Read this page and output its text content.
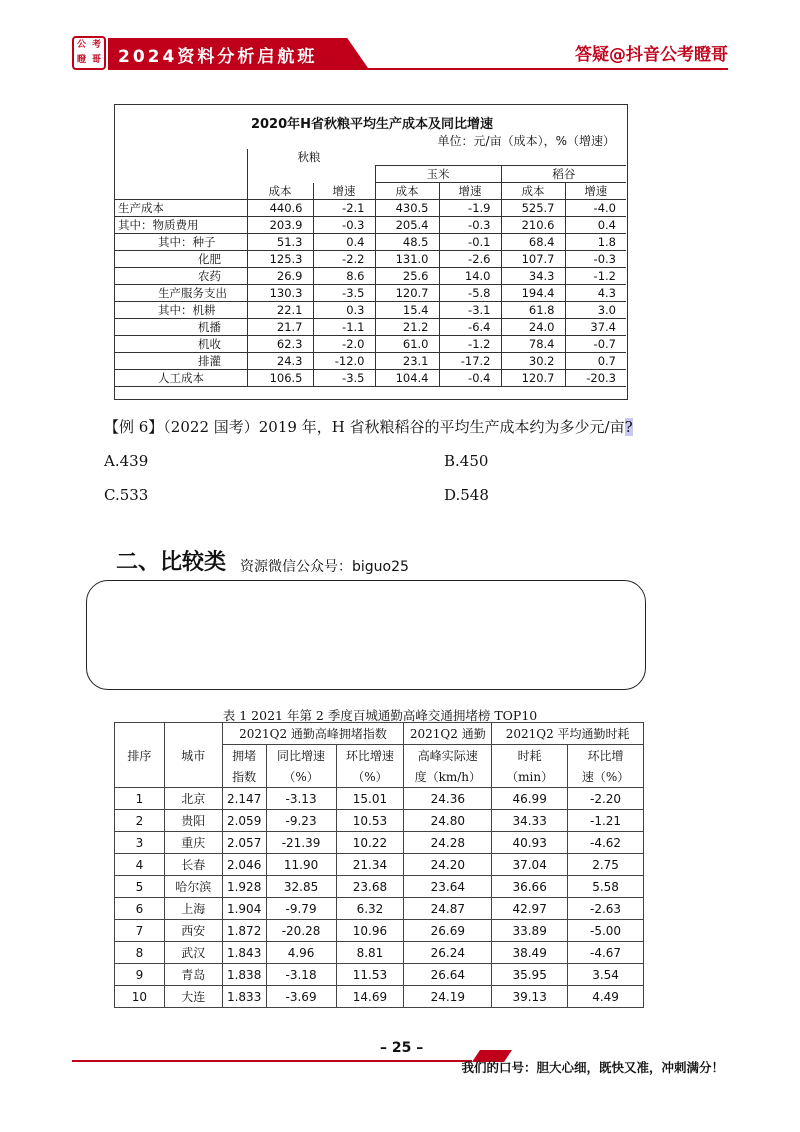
公 考
瞪 哥 2024资料分析启航班	答疑@抖音公考瞪哥
2020年H省秋粮平均生产成本及同比增速
单位：元/亩（成本），%（增速）
	秋粮					
			玉米		稻谷	
	成本	增速	成本	增速	成本	增速
生产成本	440.6	-2.1	430.5	-1.9	525.7	-4.0
其中：物质费用	203.9	-0.3	205.4	-0.3	210.6	0.4
其中：种子	51.3	0.4	48.5	-0.1	68.4	1.8
化肥	125.3	-2.2	131.0	-2.6	107.7	-0.3
农药	26.9	8.6	25.6	14.0	34.3	-1.2
生产服务支出	130.3	-3.5	120.7	-5.8	194.4	4.3
其中：机耕	22.1	0.3	15.4	-3.1	61.8	3.0
机播	21.7	-1.1	21.2	-6.4	24.0	37.4
机收	62.3	-2.0	61.0	-1.2	78.4	-0.7
排灌	24.3	-12.0	23.1	-17.2	30.2	0.7
人工成本	106.5	-3.5	104.4	-0.4	120.7	-20.3
【例 6】（2022 国考）2019 年，H 省秋粮稻谷的平均生产成本约为多少元/亩?
A.439	B.450
C.533	D.548
二、比较类 资源微信公众号：biguo25
表 1 2021 年第 2 季度百城通勤高峰交通拥堵榜 TOP10
排序	城市	2021Q2 通勤高峰拥堵指数			2021Q2 通勤	2021Q2 平均通勤时耗	
		拥堵	同比增速	环比增速	高峰实际速	时耗	环比增
		指数	（%）	（%）	度（km/h）	（min）	速（%）
1	北京	2.147	-3.13	15.01	24.36	46.99	-2.20
2	贵阳	2.059	-9.23	10.53	24.80	34.33	-1.21
3	重庆	2.057	-21.39	10.22	24.28	40.93	-4.62
4	长春	2.046	11.90	21.34	24.20	37.04	2.75
5	哈尔滨	1.928	32.85	23.68	23.64	36.66	5.58
6	上海	1.904	-9.79	6.32	24.87	42.97	-2.63
7	西安	1.872	-20.28	10.96	26.69	33.89	-5.00
8	武汉	1.843	4.96	8.81	26.24	38.49	-4.67
9	青岛	1.838	-3.18	11.53	26.64	35.95	3.54
10	大连	1.833	-3.69	14.69	24.19	39.13	4.49
– 25 –
我们的口号：胆大心细，既快又准，冲刺满分！
